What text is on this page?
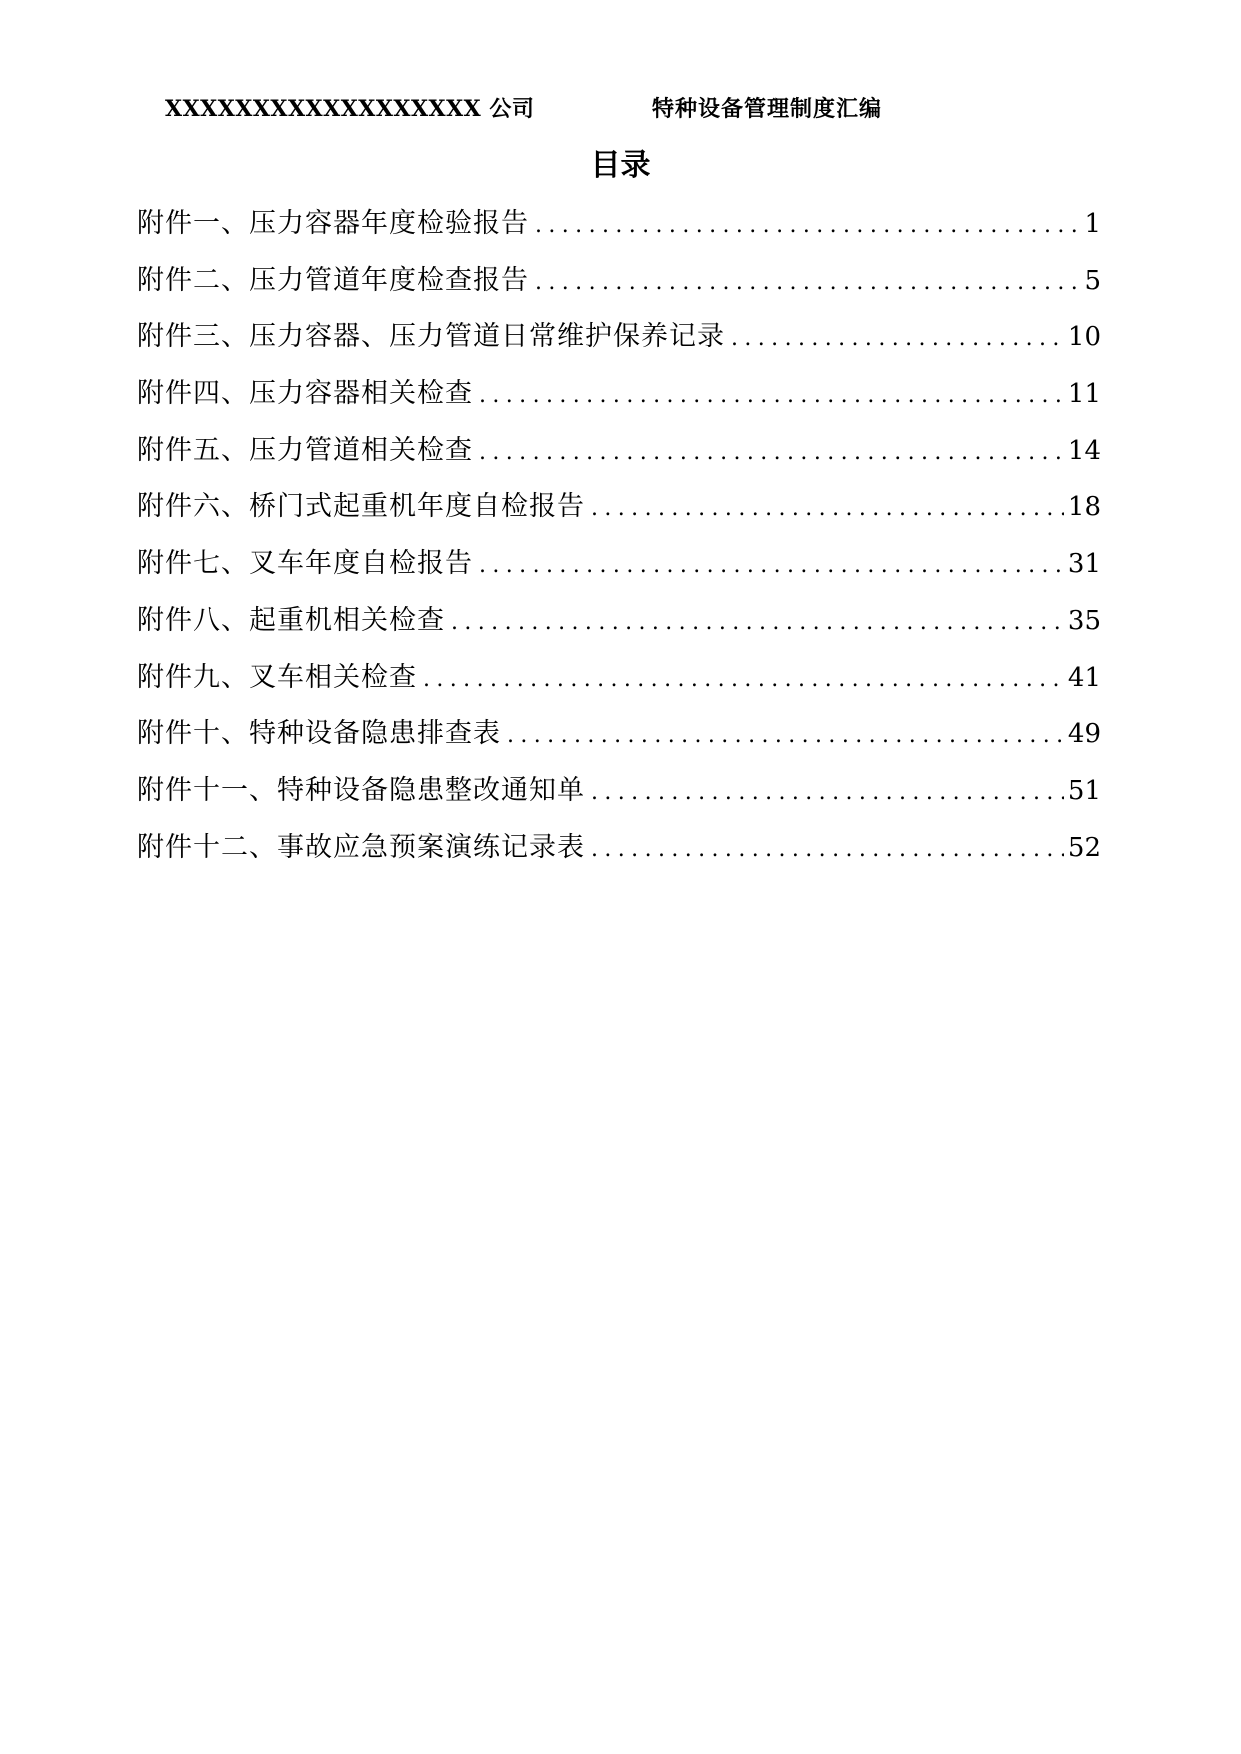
XXXXXXXXXXXXXXXXXX 公司	特种设备管理制度汇编
目录
附件一、压力容器年度检验报告 .....	1
附件二、压力管道年度检查报告 .....	5
附件三、压力容器、压力管道日常维护保养记录 .....	10
附件四、压力容器相关检查 .....	11
附件五、压力管道相关检查 .....	14
附件六、桥门式起重机年度自检报告 .....	18
附件七、叉车年度自检报告 .....	31
附件八、起重机相关检查 .....	35
附件九、叉车相关检查 .....	41
附件十、特种设备隐患排查表 .....	49
附件十一、特种设备隐患整改通知单 .....	51
附件十二、事故应急预案演练记录表 .....	52
